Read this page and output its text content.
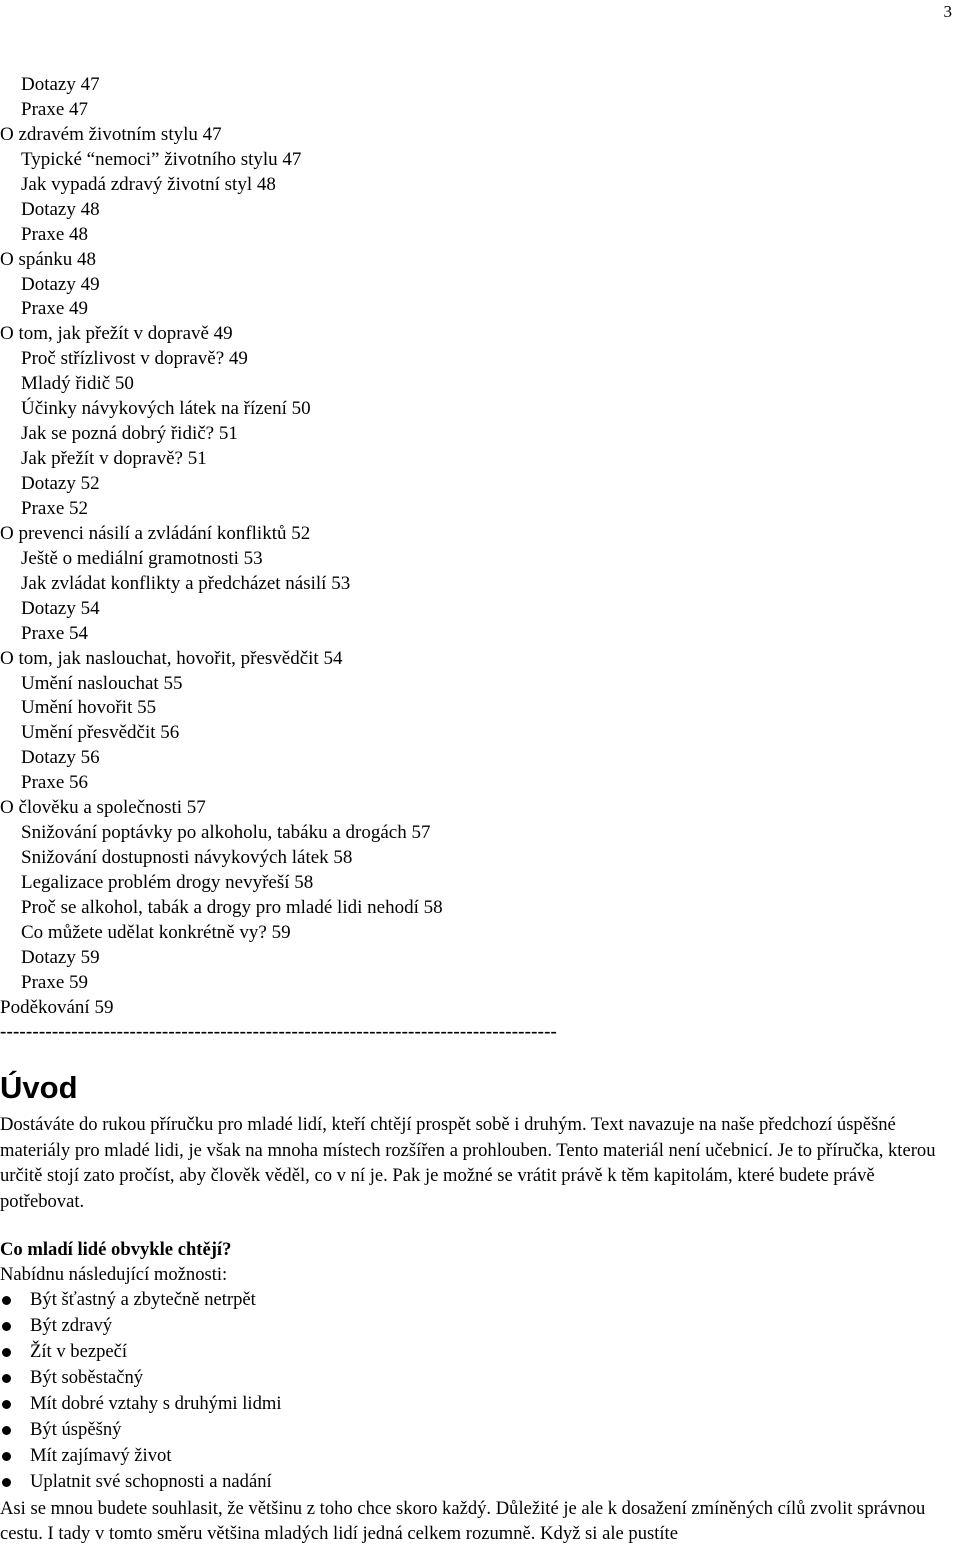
3
Dotazy 47
Praxe 47
O zdravém životním stylu 47
Typické “nemoci” životního stylu 47
Jak vypadá zdravý životní styl 48
Dotazy 48
Praxe 48
O spánku 48
Dotazy 49
Praxe 49
O tom, jak přežít v dopravě 49
Proč střízlivost v dopravě? 49
Mladý řidič 50
Účinky návykových látek na řízení 50
Jak se pozná dobrý řidič? 51
Jak přežít v dopravě? 51
Dotazy 52
Praxe 52
O prevenci násilí a zvládání konfliktů 52
Ještě o mediální gramotnosti 53
Jak zvládat konflikty a předcházet násilí 53
Dotazy 54
Praxe 54
O tom, jak naslouchat, hovořit, přesvědčit 54
Umění naslouchat 55
Umění hovořit 55
Umění přesvědčit 56
Dotazy 56
Praxe 56
O člověku a společnosti 57
Snižování poptávky po alkoholu, tabáku a drogách 57
Snižování dostupnosti návykových látek 58
Legalizace problém drogy nevyřeší 58
Proč se alkohol, tabák a drogy pro mladé lidi nehodí 58
Co můžete udělat konkrétně vy? 59
Dotazy 59
Praxe 59
Poděkování 59
--------------------------------------------------------------------------------------
Úvod

Dostáváte do rukou příručku pro mladé lidí, kteří chtějí prospět sobě i druhým. Text navazuje na naše předchozí úspěšné materiály pro mladé lidi, je však na mnoha místech rozšířen a prohlouben. Tento materiál není učebnicí. Je to příručka, kterou určitě stojí zato pročíst, aby člověk věděl, co v ní je. Pak je možné se vrátit právě k těm kapitolám, které budete právě potřebovat.

Co mladí lidé obvykle chtějí?

Nabídnu následující možnosti:

Být šťastný a zbytečně netrpět
Být zdravý
Žít v bezpečí
Být soběstačný
Mít dobré vztahy s druhými lidmi
Být úspěšný
Mít zajímavý život
Uplatnit své schopnosti a nadání

Asi se mnou budete souhlasit, že většinu z toho chce skoro každý. Důležité je ale k dosažení zmíněných cílů zvolit správnou cestu. I tady v tomto směru většina mladých lidí jedná celkem rozumně. Když si ale pustíte
